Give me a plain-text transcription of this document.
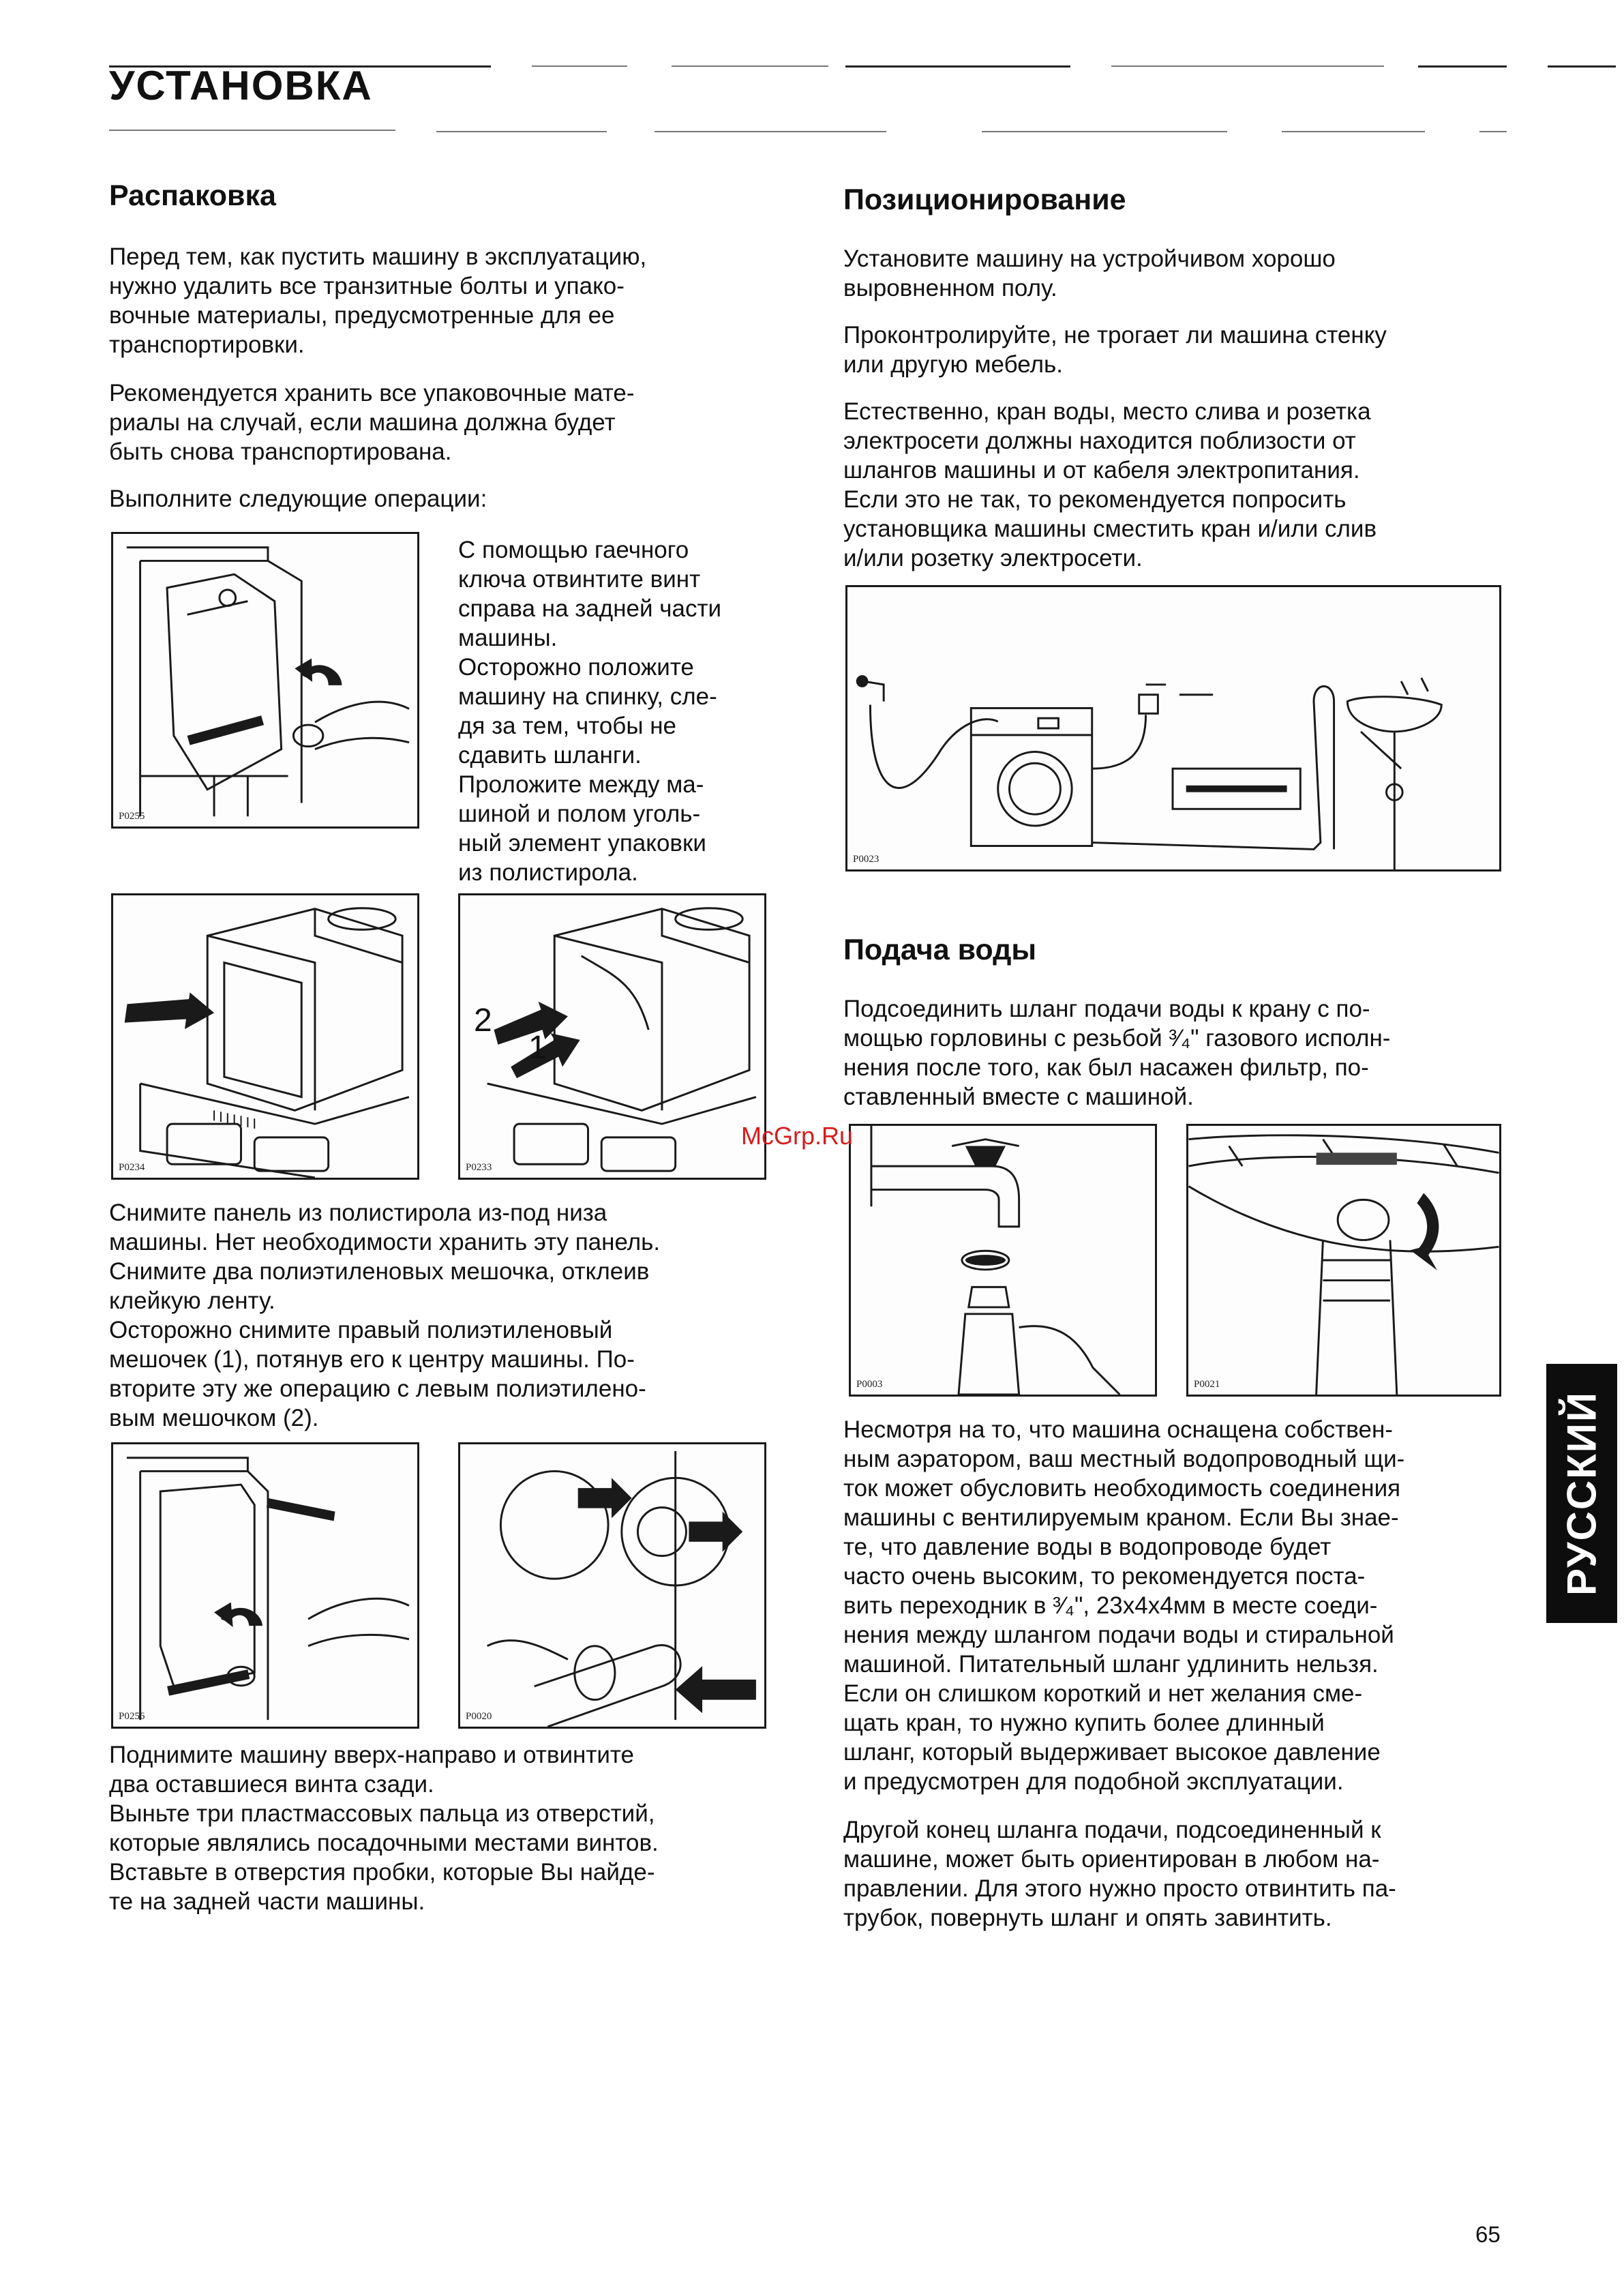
УСТАНОВКА
Распаковка
Перед тем, как пустить машину в эксплуатацию,
нужно удалить все транзитные болты и упако-
вочные материалы, предусмотренные для ее
транспортировки.
Рекомендуется хранить все упаковочные мате-
риалы на случай, если машина должна будет
быть снова транспортирована.
Выполните следующие операции:
P0255
С помощью гаечного
ключа отвинтите винт
справа на задней части
машины.
Осторожно положите
машину на спинку, сле-
дя за тем, чтобы не
сдавить шланги.
Проложите между ма-
шиной и полом уголь-
ный элемент упаковки
из полистирола.
P0234
2
1
P0233
Снимите панель из полистирола из-под низа
машины. Нет необходимости хранить эту панель.
Снимите два полиэтиленовых мешочка, отклеив
клейкую ленту.
Осторожно снимите правый полиэтиленовый
мешочек (1), потянув его к центру машины. По-
вторите эту же операцию с левым полиэтилено-
вым мешочком (2).
P0256	P0020
Поднимите машину вверх-направо и отвинтите
два оставшиеся винта сзади.
Выньте три пластмассовых пальца из отверстий,
которые являлись посадочными местами винтов.
Вставьте в отверстия пробки, которые Вы найде-
те на задней части машины.
Позиционирование
Установите машину на устройчивом хорошо
выровненном полу.
Проконтролируйте, не трогает ли машина стенку
или другую мебель.
Естественно, кран воды, место слива и розетка
электросети должны находится поблизости от
шлангов машины и от кабеля электропитания.
Если это не так, то рекомендуется попросить
установщика машины сместить кран и/или слив
и/или розетку электросети.
P0023
Подача воды
Подсоединить шланг подачи воды к крану с по-
мощью горловины с резьбой ³⁄₄" газового исполн-
нения после того, как был насажен фильтр, по-
ставленный вместе с машиной.
P0003	P0021
Несмотря на то, что машина оснащена собствен-
ным аэратором, ваш местный водопроводный щи-
ток может обусловить необходимость соединения
машины с вентилируемым краном. Если Вы знае-
те, что давление воды в водопроводе будет
часто очень высоким, то рекомендуется поста-
вить переходник в ³⁄₄", 23х4х4мм в месте соеди-
нения между шлангом подачи воды и стиральной
машиной. Питательный шланг удлинить нельзя.
Если он слишком короткий и нет желания сме-
щать кран, то нужно купить более длинный
шланг, который выдерживает высокое давление
и предусмотрен для подобной эксплуатации.
Другой конец шланга подачи, подсоединенный к
машине, может быть ориентирован в любом на-
правлении. Для этого нужно просто отвинтить па-
трубок, повернуть шланг и опять завинтить.
McGrp.Ru
РУССКИЙ
65
